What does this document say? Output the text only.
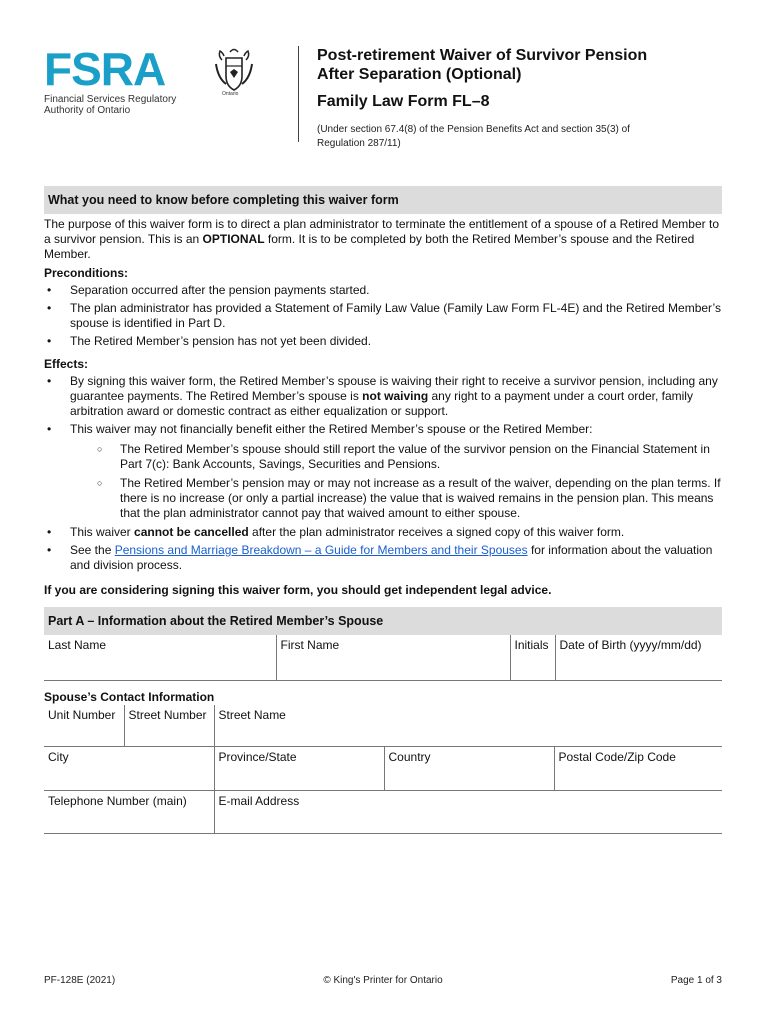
FSRA
Financial Services Regulatory
Authority of Ontario
Ontario
Post-retirement Waiver of Survivor Pension
After Separation (Optional)
Family Law Form FL–8
(Under section 67.4(8) of the Pension Benefits Act and section 35(3) of
Regulation 287/11)
What you need to know before completing this waiver form

The purpose of this waiver form is to direct a plan administrator to terminate the entitlement of a spouse of a Retired Member to a survivor pension. This is an OPTIONAL form. It is to be completed by both the Retired Member’s spouse and the Retired Member.

Preconditions:
• Separation occurred after the pension payments started.
• The plan administrator has provided a Statement of Family Law Value (Family Law Form FL-4E) and the Retired Member’s spouse is identified in Part D.
• The Retired Member’s pension has not yet been divided.
Effects:
• By signing this waiver form, the Retired Member’s spouse is waiving their right to receive a survivor pension, including any guarantee payments. The Retired Member’s spouse is not waiving any right to a payment under a court order, family arbitration award or domestic contract as either equalization or support.
• This waiver may not financially benefit either the Retired Member’s spouse or the Retired Member:
○ The Retired Member’s spouse should still report the value of the survivor pension on the Financial Statement in Part 7(c): Bank Accounts, Savings, Securities and Pensions.
○ The Retired Member’s pension may or may not increase as a result of the waiver, depending on the plan terms. If there is no increase (or only a partial increase) the value that is waived remains in the pension plan. This means that the plan administrator cannot pay that waived amount to either spouse.
• This waiver cannot be cancelled after the plan administrator receives a signed copy of this waiver form.
• See the Pensions and Marriage Breakdown – a Guide for Members and their Spouses for information about the valuation and division process.
If you are considering signing this waiver form, you should get independent legal advice.
Part A – Information about the Retired Member’s Spouse
Last Name	First Name	Initials	Date of Birth (yyyy/mm/dd)
Spouse’s Contact Information
Unit Number	Street Number	Street Name
City	Province/State	Country	Postal Code/Zip Code
Telephone Number (main)	E-mail Address
PF-128E (2021)	© King's Printer for Ontario	Page 1 of 3
